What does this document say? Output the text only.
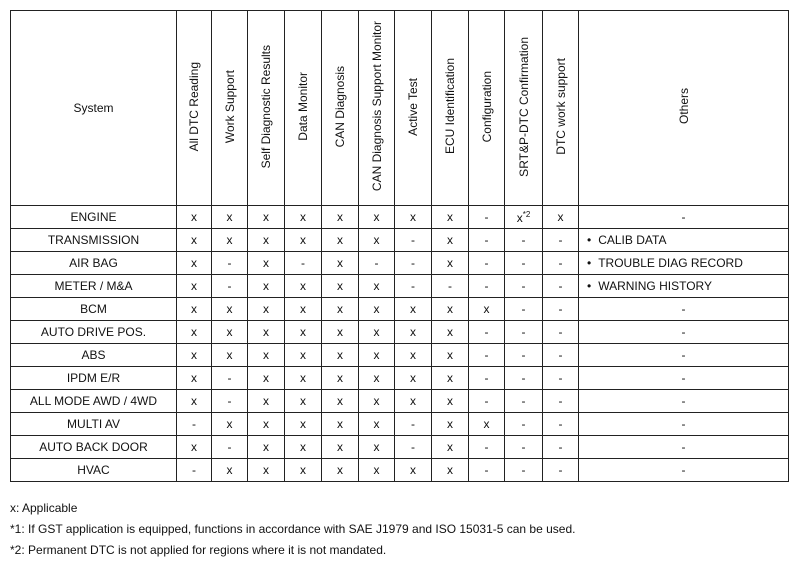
System	All DTC Reading	Work Support	Self Diagnostic Results	Data Monitor	CAN Diagnosis	CAN Diagnosis Support Monitor	Active Test	ECU Identification	Configuration	SRT&P-DTC Confirmation	DTC work support	Others
ENGINE	x	x	x	x	x	x	x	x	-	$x^{*2}$	x	-
TRANSMISSION	x	x	x	x	x	x	-	x	-	-	-	• CALIB DATA
AIR BAG	x	-	x	-	x	-	-	x	-	-	-	• TROUBLE DIAG RECORD
METER / M&A	x	-	x	x	x	x	-	-	-	-	-	• WARNING HISTORY
BCM	x	x	x	x	x	x	x	x	x	-	-	-
AUTO DRIVE POS.	x	x	x	x	x	x	x	x	-	-	-	-
ABS	x	x	x	x	x	x	x	x	-	-	-	-
IPDM E/R	x	-	x	x	x	x	x	x	-	-	-	-
ALL MODE AWD / 4WD	x	-	x	x	x	x	x	x	-	-	-	-
MULTI AV	-	x	x	x	x	x	-	x	x	-	-	-
AUTO BACK DOOR	x	-	x	x	x	x	-	x	-	-	-	-
HVAC	-	x	x	x	x	x	x	x	-	-	-	-
x: Applicable
*1: If GST application is equipped, functions in accordance with SAE J1979 and ISO 15031-5 can be used.
*2: Permanent DTC is not applied for regions where it is not mandated.
